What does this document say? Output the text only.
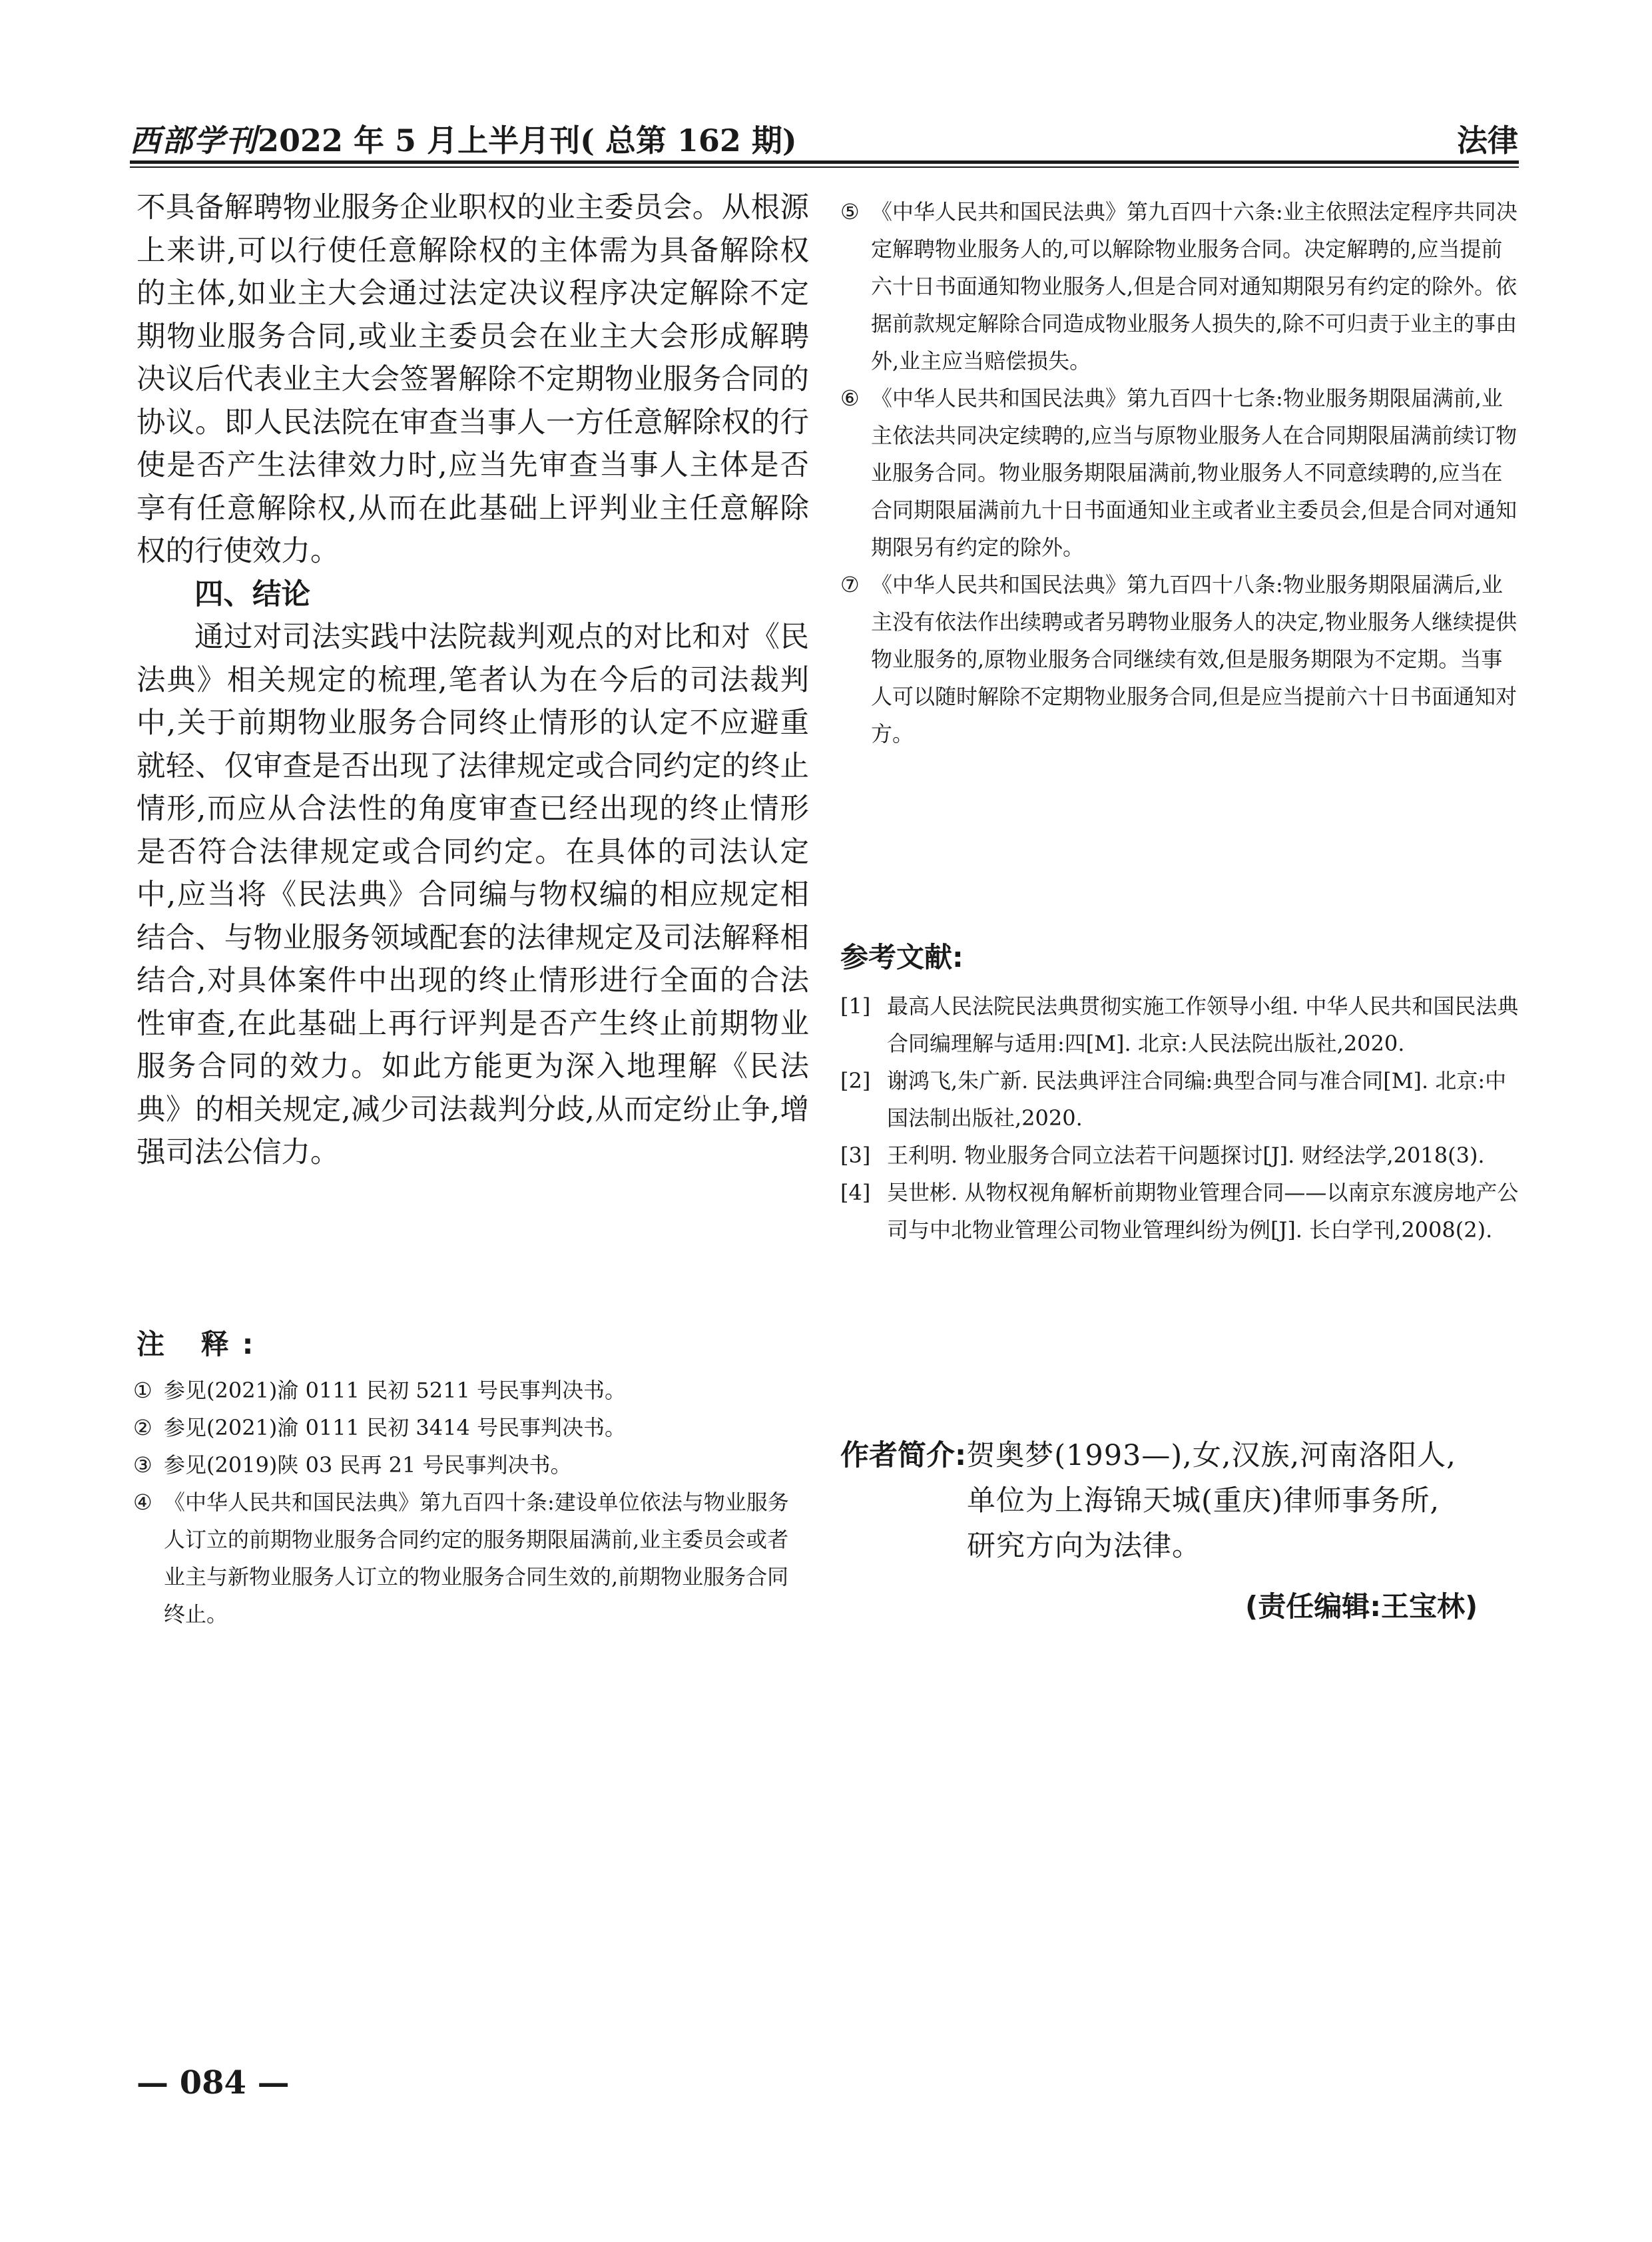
西部学刊2022 年 5 月上半月刊( 总第 162 期)	法律

不具备解聘物业服务企业职权的业主委员会。从根源上来讲,可以行使任意解除权的主体需为具备解除权的主体,如业主大会通过法定决议程序决定解除不定期物业服务合同,或业主委员会在业主大会形成解聘决议后代表业主大会签署解除不定期物业服务合同的协议。即人民法院在审查当事人一方任意解除权的行使是否产生法律效力时,应当先审查当事人主体是否享有任意解除权,从而在此基础上评判业主任意解除权的行使效力。

四、结论

通过对司法实践中法院裁判观点的对比和对《民法典》相关规定的梳理,笔者认为在今后的司法裁判中,关于前期物业服务合同终止情形的认定不应避重就轻、仅审查是否出现了法律规定或合同约定的终止情形,而应从合法性的角度审查已经出现的终止情形是否符合法律规定或合同约定。在具体的司法认定中,应当将《民法典》合同编与物权编的相应规定相结合、与物业服务领域配套的法律规定及司法解释相结合,对具体案件中出现的终止情形进行全面的合法性审查,在此基础上再行评判是否产生终止前期物业服务合同的效力。如此方能更为深入地理解《民法典》的相关规定,减少司法裁判分歧,从而定纷止争,增强司法公信力。

注 释:

① 参见(2021)渝 0111 民初 5211 号民事判决书。

② 参见(2021)渝 0111 民初 3414 号民事判决书。

③ 参见(2019)陕 03 民再 21 号民事判决书。

④ 《中华人民共和国民法典》第九百四十条:建设单位依法与物业服务人订立的前期物业服务合同约定的服务期限届满前,业主委员会或者业主与新物业服务人订立的物业服务合同生效的,前期物业服务合同终止。

⑤ 《中华人民共和国民法典》第九百四十六条:业主依照法定程序共同决定解聘物业服务人的,可以解除物业服务合同。决定解聘的,应当提前六十日书面通知物业服务人,但是合同对通知期限另有约定的除外。依据前款规定解除合同造成物业服务人损失的,除不可归责于业主的事由外,业主应当赔偿损失。

⑥ 《中华人民共和国民法典》第九百四十七条:物业服务期限届满前,业主依法共同决定续聘的,应当与原物业服务人在合同期限届满前续订物业服务合同。物业服务期限届满前,物业服务人不同意续聘的,应当在合同期限届满前九十日书面通知业主或者业主委员会,但是合同对通知期限另有约定的除外。

⑦ 《中华人民共和国民法典》第九百四十八条:物业服务期限届满后,业主没有依法作出续聘或者另聘物业服务人的决定,物业服务人继续提供物业服务的,原物业服务合同继续有效,但是服务期限为不定期。当事人可以随时解除不定期物业服务合同,但是应当提前六十日书面通知对方。

参考文献:

[1] 最高人民法院民法典贯彻实施工作领导小组. 中华人民共和国民法典合同编理解与适用:四[M]. 北京:人民法院出版社,2020.

[2] 谢鸿飞,朱广新. 民法典评注合同编:典型合同与准合同[M]. 北京:中国法制出版社,2020.

[3] 王利明. 物业服务合同立法若干问题探讨[J]. 财经法学,2018(3).

[4] 吴世彬. 从物权视角解析前期物业管理合同——以南京东渡房地产公司与中北物业管理公司物业管理纠纷为例[J]. 长白学刊,2008(2).

作者简介:贺奥梦(1993—),女,汉族,河南洛阳人,
单位为上海锦天城(重庆)律师事务所,
研究方向为法律。
(责任编辑:王宝林)
— 084 —
